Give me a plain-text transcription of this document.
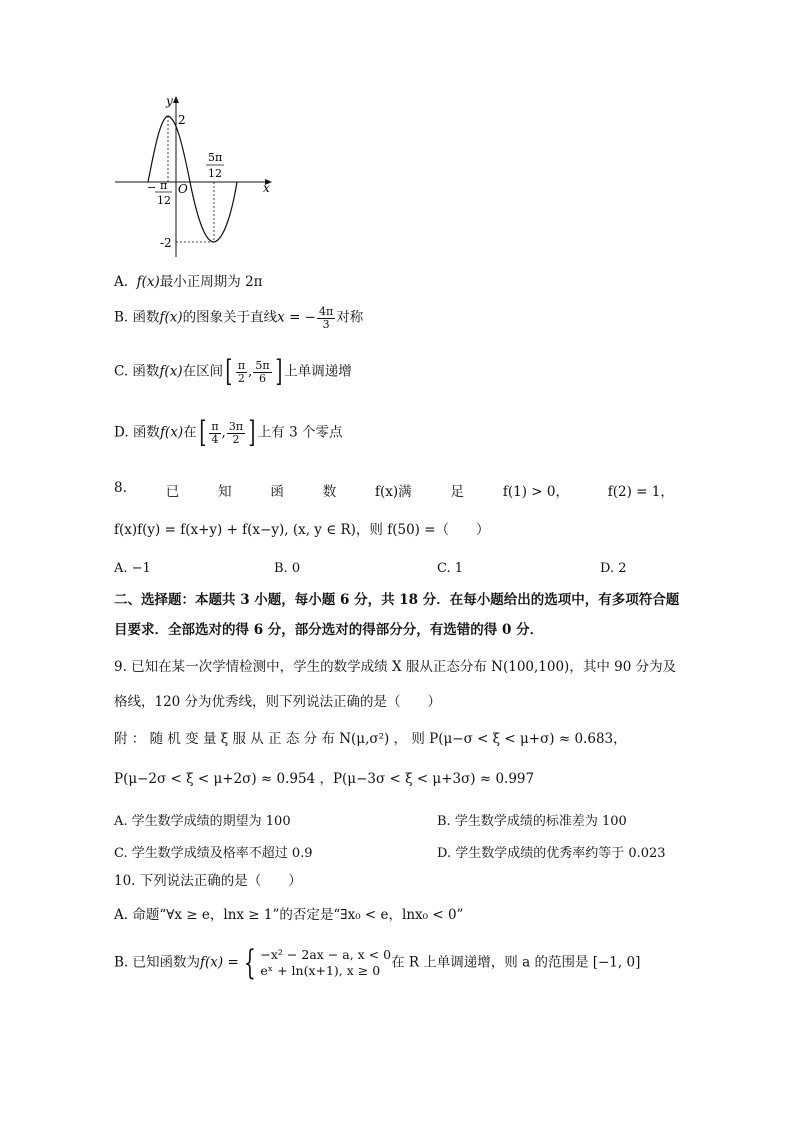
y
x
O
2
-2
− π
12
5π
12
A. f(x)最小正周期为 2π
B. 函数f(x)的图象关于直线x = − $\frac{4\pi}{3}$ 对称
C. 函数f(x)在区间[ $\frac{\pi}{2}$ , $\frac{5\pi}{6}$ ] 上单调递增
D. 函数f(x)在[ $\frac{\pi}{4}$ , $\frac{3\pi}{2}$ ] 上有 3 个零点
8.	已	知	函	数	f(x)满	足	f(1) > 0，	f(2) = 1，
f(x)f(y) = f(x+y) + f(x−y), (x, y ∈ R)，则 f(50) =（　　）
A. −1	B. 0	C. 1	D. 2
二、选择题：本题共 3 小题，每小题 6 分，共 18 分．在每小题给出的选项中，有多项符合题
目要求．全部选对的得 6 分，部分选对的得部分分，有选错的得 0 分．
9. 已知在某一次学情检测中，学生的数学成绩 X 服从正态分布 N(100,100)，其中 90 分为及
格线，120 分为优秀线，则下列说法正确的是（　　）
附 ： 随 机 变 量 ξ 服 从 正 态 分 布 N(μ,σ²) ， 则 P(μ−σ < ξ < μ+σ) ≈ 0.683，
P(μ−2σ < ξ < μ+2σ) ≈ 0.954 ，P(μ−3σ < ξ < μ+3σ) ≈ 0.997
A. 学生数学成绩的期望为 100	B. 学生数学成绩的标准差为 100
C. 学生数学成绩及格率不超过 0.9	D. 学生数学成绩的优秀率约等于 0.023
10. 下列说法正确的是（　　）
A. 命题“∀x ≥ e，lnx ≥ 1”的否定是“∃x₀ < e，lnx₀ < 0”
B. 已知函数为f(x) = { −x² − 2ax − a, x < 0
eˣ + ln(x+1), x ≥ 0 在 R 上单调递增，则 a 的范围是 [−1, 0]
